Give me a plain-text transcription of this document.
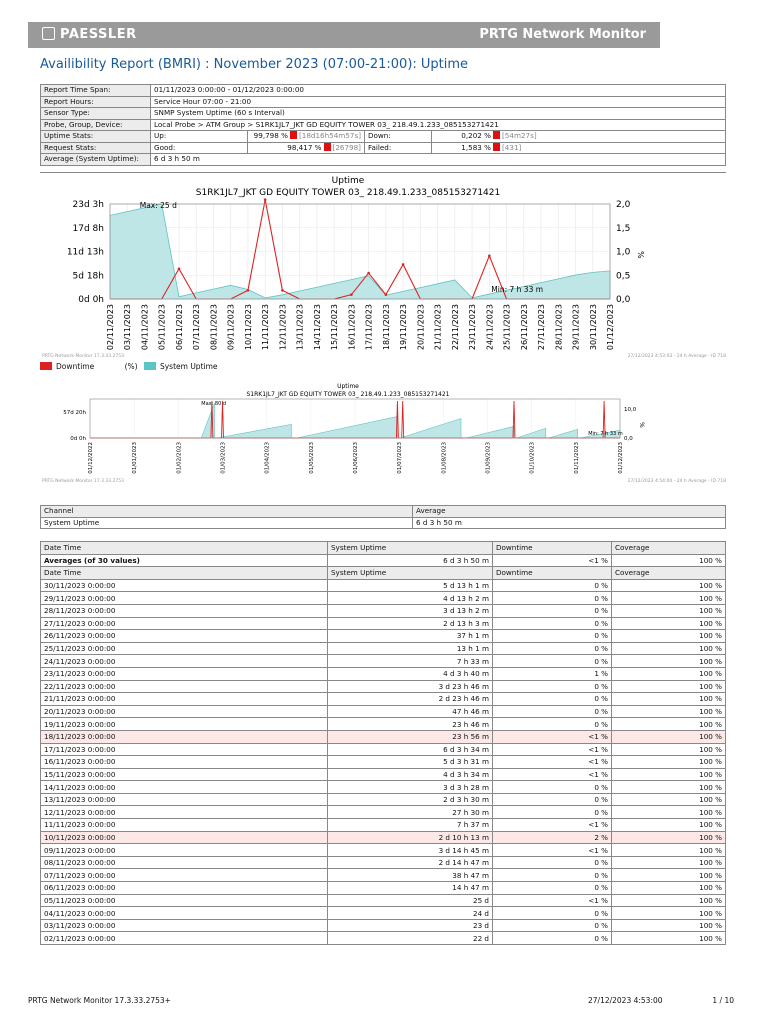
PAESSLER	PRTG Network Monitor
Availibility Report (BMRI) : November 2023 (07:00-21:00): Uptime
Report Time Span:	01/11/2023 0:00:00 - 01/12/2023 0:00:00			
Report Hours:	Service Hour 07:00 - 21:00			
Sensor Type:	SNMP System Uptime (60 s Interval)			
Probe, Group, Device:	Local Probe > ATM Group > S1RK1JL7_JKT GD EQUITY TOWER 03_ 218.49.1.233_085153271421			
Uptime Stats:	Up:	99,798 % [18d16h54m57s]	Down:	0,202 % [54m27s]
Request Stats:	Good:	98,417 % [26798]	Failed:	1,583 % [431]
Average (System Uptime):	6 d 3 h 50 m			
Uptime
S1RK1JL7_JKT GD EQUITY TOWER 03_ 218.49.1.233_085153271421
23d 3h
17d 8h
11d 13h
5d 18h
0d 0h
2,0
1,5
1,0
0,5
0,0
%
Max: 25 d
Min: 7 h 33 m
02/11/2023 03/11/2023 04/11/2023 05/11/2023 06/11/2023 07/11/2023 08/11/2023 09/11/2023 10/11/2023 11/11/2023 12/11/2023 13/11/2023 14/11/2023 15/11/2023 16/11/2023 17/11/2023 18/11/2023 19/11/2023 20/11/2023 21/11/2023 22/11/2023 23/11/2023 24/11/2023 25/11/2023 26/11/2023 27/11/2023 28/11/2023 29/11/2023 30/11/2023 01/12/2023
PRTG Network Monitor 17.3.33.2753	27/12/2023 4:53:03 - 24 h Average - ID 718
Downtime	(%)	System Uptime
Uptime
S1RK1JL7_JKT GD EQUITY TOWER 03_ 218.49.1.233_085153271421
57d 20h
0d 0h
10,0
0,0
%
Max: 80 d
Min: 7 h 33 m
01/12/2022	01/01/2023	01/02/2023	01/03/2023	01/04/2023	01/05/2023	01/06/2023	01/07/2023	01/08/2023	01/09/2023	01/10/2023	01/11/2023	01/12/2023
PRTG Network Monitor 17.3.33.2753	27/12/2023 4:54:04 - 24 h Average - ID 718
Channel	Average
System Uptime	6 d 3 h 50 m
Date Time	System Uptime	Downtime	Coverage
Averages (of 30 values)	6 d 3 h 50 m	<1 %	100 %
Date Time	System Uptime	Downtime	Coverage
30/11/2023 0:00:00	5 d 13 h 1 m	0 %	100 %
29/11/2023 0:00:00	4 d 13 h 2 m	0 %	100 %
28/11/2023 0:00:00	3 d 13 h 2 m	0 %	100 %
27/11/2023 0:00:00	2 d 13 h 3 m	0 %	100 %
26/11/2023 0:00:00	37 h 1 m	0 %	100 %
25/11/2023 0:00:00	13 h 1 m	0 %	100 %
24/11/2023 0:00:00	7 h 33 m	0 %	100 %
23/11/2023 0:00:00	4 d 3 h 40 m	1 %	100 %
22/11/2023 0:00:00	3 d 23 h 46 m	0 %	100 %
21/11/2023 0:00:00	2 d 23 h 46 m	0 %	100 %
20/11/2023 0:00:00	47 h 46 m	0 %	100 %
19/11/2023 0:00:00	23 h 46 m	0 %	100 %
18/11/2023 0:00:00	23 h 56 m	<1 %	100 %
17/11/2023 0:00:00	6 d 3 h 34 m	<1 %	100 %
16/11/2023 0:00:00	5 d 3 h 31 m	<1 %	100 %
15/11/2023 0:00:00	4 d 3 h 34 m	<1 %	100 %
14/11/2023 0:00:00	3 d 3 h 28 m	0 %	100 %
13/11/2023 0:00:00	2 d 3 h 30 m	0 %	100 %
12/11/2023 0:00:00	27 h 30 m	0 %	100 %
11/11/2023 0:00:00	7 h 37 m	<1 %	100 %
10/11/2023 0:00:00	2 d 10 h 13 m	2 %	100 %
09/11/2023 0:00:00	3 d 14 h 45 m	<1 %	100 %
08/11/2023 0:00:00	2 d 14 h 47 m	0 %	100 %
07/11/2023 0:00:00	38 h 47 m	0 %	100 %
06/11/2023 0:00:00	14 h 47 m	0 %	100 %
05/11/2023 0:00:00	25 d	<1 %	100 %
04/11/2023 0:00:00	24 d	0 %	100 %
03/11/2023 0:00:00	23 d	0 %	100 %
02/11/2023 0:00:00	22 d	0 %	100 %
PRTG Network Monitor 17.3.33.2753+	27/12/2023 4:53:00	1 / 10
